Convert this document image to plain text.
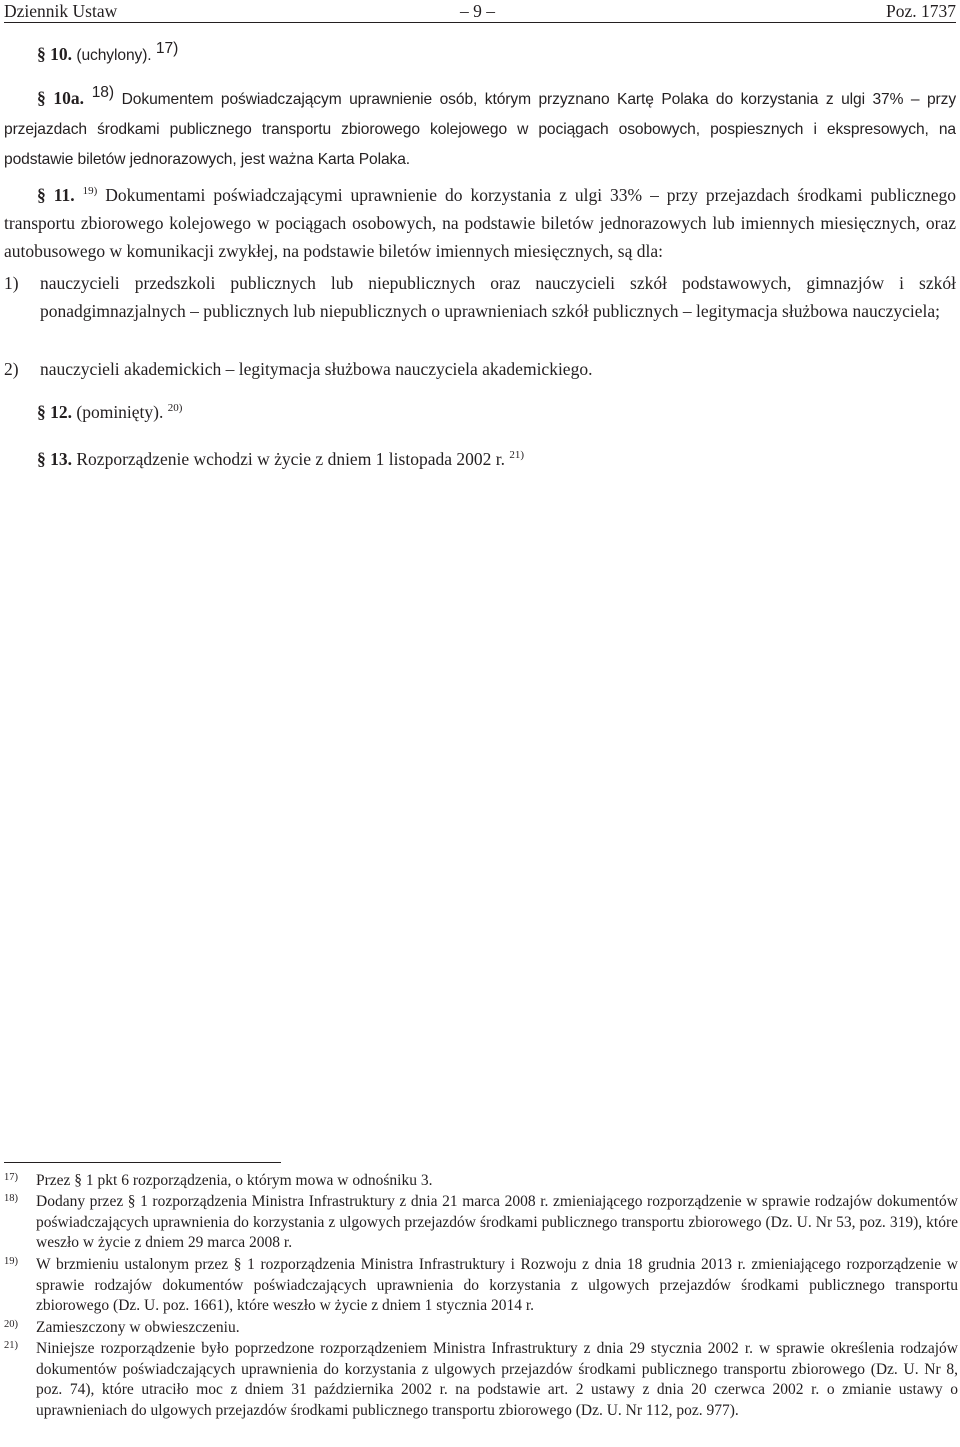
Dziennik Ustaw	– 9 –	Poz. 1737
§ 10. (uchylony). 17)
§ 10a. 18) Dokumentem poświadczającym uprawnienie osób, którym przyznano Kartę Polaka do korzystania z ulgi 37% – przy przejazdach środkami publicznego transportu zbiorowego kolejowego w pociągach osobowych, pospiesznych i ekspresowych, na podstawie biletów jednorazowych, jest ważna Karta Polaka.
§ 11. $^{19)}$ Dokumentami poświadczającymi uprawnienie do korzystania z ulgi 33% – przy przejazdach środkami publicznego transportu zbiorowego kolejowego w pociągach osobowych, na podstawie biletów jednorazowych lub imiennych miesięcznych, oraz autobusowego w komunikacji zwykłej, na podstawie biletów imiennych miesięcznych, są dla:
1) nauczycieli przedszkoli publicznych lub niepublicznych oraz nauczycieli szkół podstawowych, gimnazjów i szkół ponadgimnazjalnych – publicznych lub niepublicznych o uprawnieniach szkół publicznych – legitymacja służbowa nauczyciela;
2) nauczycieli akademickich – legitymacja służbowa nauczyciela akademickiego.
§ 12. (pominięty). $^{20)}$
§ 13. Rozporządzenie wchodzi w życie z dniem 1 listopada 2002 r. $^{21)}$
17) Przez § 1 pkt 6 rozporządzenia, o którym mowa w odnośniku 3.
18) Dodany przez § 1 rozporządzenia Ministra Infrastruktury z dnia 21 marca 2008 r. zmieniającego rozporządzenie w sprawie rodzajów dokumentów poświadczających uprawnienia do korzystania z ulgowych przejazdów środkami publicznego transportu zbiorowego (Dz. U. Nr 53, poz. 319), które weszło w życie z dniem 29 marca 2008 r.
19) W brzmieniu ustalonym przez § 1 rozporządzenia Ministra Infrastruktury i Rozwoju z dnia 18 grudnia 2013 r. zmieniającego rozporządzenie w sprawie rodzajów dokumentów poświadczających uprawnienia do korzystania z ulgowych przejazdów środkami publicznego transportu zbiorowego (Dz. U. poz. 1661), które weszło w życie z dniem 1 stycznia 2014 r.
20) Zamieszczony w obwieszczeniu.
21) Niniejsze rozporządzenie było poprzedzone rozporządzeniem Ministra Infrastruktury z dnia 29 stycznia 2002 r. w sprawie określenia rodzajów dokumentów poświadczających uprawnienia do korzystania z ulgowych przejazdów środkami publicznego transportu zbiorowego (Dz. U. Nr 8, poz. 74), które utraciło moc z dniem 31 października 2002 r. na podstawie art. 2 ustawy z dnia 20 czerwca 2002 r. o zmianie ustawy o uprawnieniach do ulgowych przejazdów środkami publicznego transportu zbiorowego (Dz. U. Nr 112, poz. 977).
